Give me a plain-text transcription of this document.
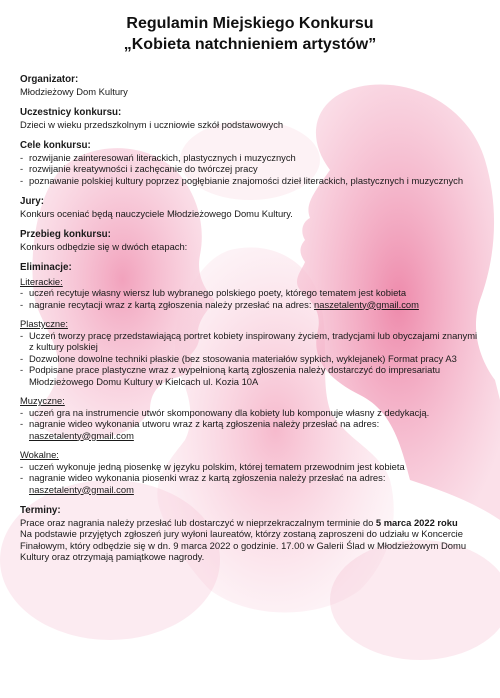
Regulamin Miejskiego Konkursu
„Kobieta natchnieniem artystów”
Organizator:
Młodzieżowy Dom Kultury
Uczestnicy konkursu:
Dzieci w wieku przedszkolnym i uczniowie szkół podstawowych
Cele konkursu:
- rozwijanie zainteresowań literackich, plastycznych i muzycznych
- rozwijanie kreatywności i zachęcanie do twórczej pracy
- poznawanie polskiej kultury poprzez pogłębianie znajomości dzieł literackich, plastycznych i muzycznych
Jury:
Konkurs oceniać będą nauczyciele Młodzieżowego Domu Kultury.
Przebieg konkursu:
Konkurs odbędzie się w dwóch etapach:
Eliminacje:
Literackie:
- uczeń recytuje własny wiersz lub wybranego polskiego poety, którego tematem jest kobieta
- nagranie recytacji wraz z kartą zgłoszenia należy przesłać na adres: naszetalenty@gmail.com
Plastyczne:
- Uczeń tworzy pracę przedstawiającą portret kobiety inspirowany życiem, tradycjami lub obyczajami znanymi z kultury polskiej
- Dozwolone dowolne techniki płaskie (bez stosowania materiałów sypkich, wyklejanek) Format pracy A3
- Podpisane prace plastyczne wraz z wypełnioną kartą zgłoszenia należy dostarczyć do impresariatu Młodzieżowego Domu Kultury w Kielcach ul. Kozia 10A
Muzyczne:
- uczeń gra na instrumencie utwór skomponowany dla kobiety lub komponuje własny z dedykacją.
- nagranie wideo wykonania utworu wraz z kartą zgłoszenia należy przesłać na adres:
naszetalenty@gmail.com
Wokalne:
- uczeń wykonuje jedną piosenkę w języku polskim, której tematem przewodnim jest kobieta
- nagranie wideo wykonania piosenki wraz z kartą zgłoszenia należy przesłać na adres:
naszetalenty@gmail.com
Terminy:
Prace oraz nagrania należy przesłać lub dostarczyć w nieprzekraczalnym terminie do 5 marca 2022 roku
Na podstawie przyjętych zgłoszeń jury wyłoni laureatów, którzy zostaną zaproszeni do udziału w Koncercie Finałowym, który odbędzie się w dn. 9 marca 2022 o godzinie. 17.00 w Galerii Ślad w Młodzieżowym Domu Kultury oraz otrzymają pamiątkowe nagrody.
